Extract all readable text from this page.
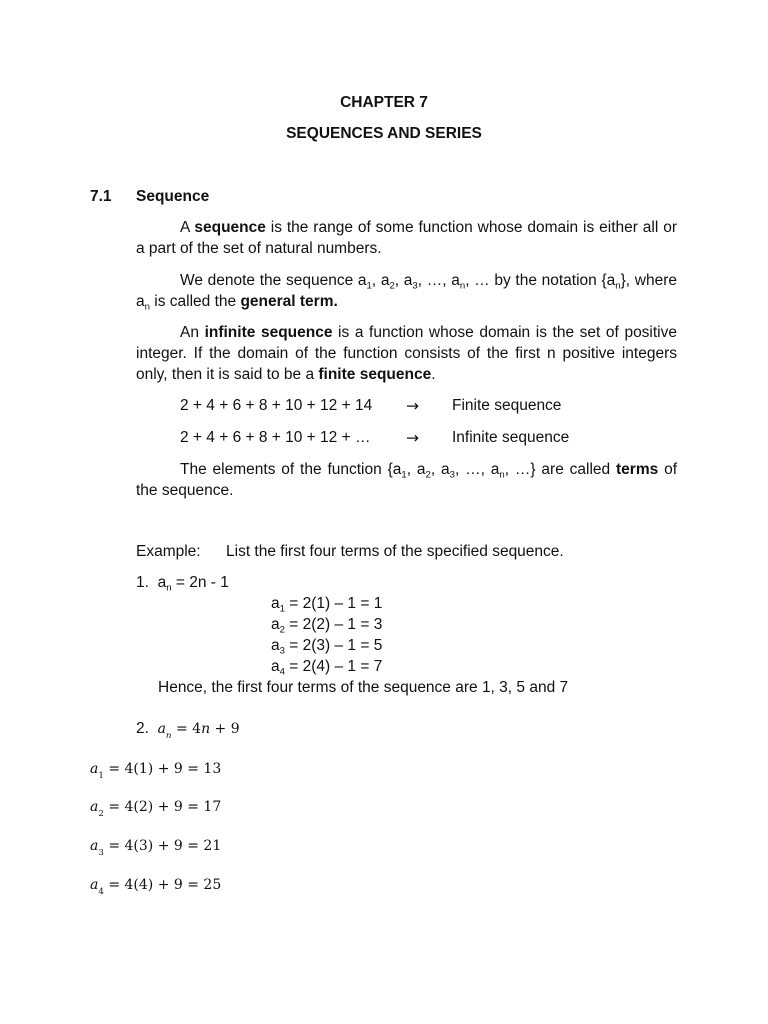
CHAPTER 7
SEQUENCES AND SERIES
7.1 Sequence
A sequence is the range of some function whose domain is either all or a part of the set of natural numbers.
We denote the sequence $a_1$, $a_2$, $a_3$, …, $a_n$, … by the notation $\{a_n\}$, where $a_n$ is called the general term.
An infinite sequence is a function whose domain is the set of positive integer. If the domain of the function consists of the first n positive integers only, then it is said to be a finite sequence.
2 + 4 + 6 + 8 + 10 + 12 + 14 → Finite sequence
2 + 4 + 6 + 8 + 10 + 12 + … → Infinite sequence
The elements of the function {$a_1$, $a_2$, $a_3$, …, $a_n$, …} are called terms of the sequence.
Example: List the first four terms of the specified sequence.
1. $a_n = 2n - 1$
$a_1 = 2(1) - 1 = 1$
$a_2 = 2(2) - 1 = 3$
$a_3 = 2(3) - 1 = 5$
$a_4 = 2(4) - 1 = 7$
Hence, the first four terms of the sequence are 1, 3, 5 and 7
2. $a_n = 4n + 9$
$a_1 = 4(1) + 9 = 13$
$a_2 = 4(2) + 9 = 17$
$a_3 = 4(3) + 9 = 21$
$a_4 = 4(4) + 9 = 25$
